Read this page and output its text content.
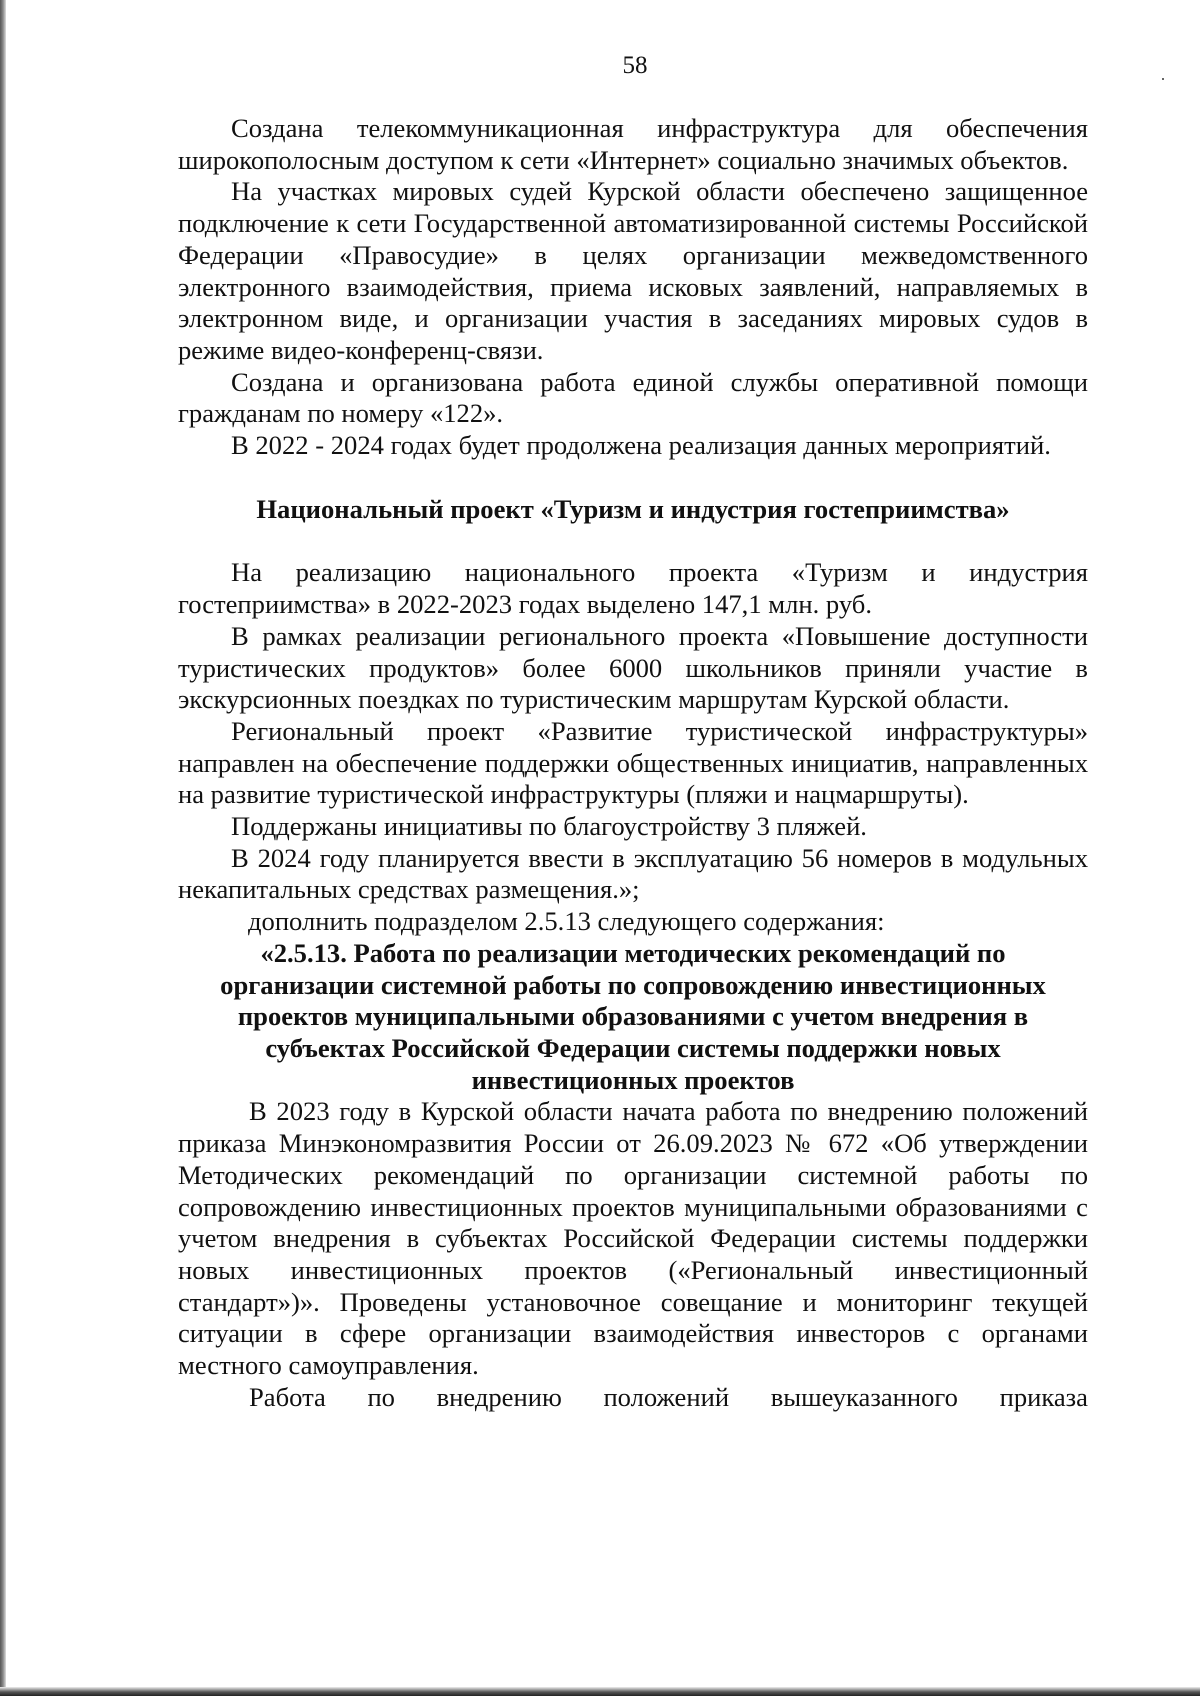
58

Создана телекоммуникационная инфраструктура для обеспечения широкополосным доступом к сети «Интернет» социально значимых объектов.

На участках мировых судей Курской области обеспечено защищенное подключение к сети Государственной автоматизированной системы Российской Федерации «Правосудие» в целях организации межведомственного электронного взаимодействия, приема исковых заявлений, направляемых в электронном виде, и организации участия в заседаниях мировых судов в режиме видео-конференц-связи.

Создана и организована работа единой службы оперативной помощи гражданам по номеру «122».

В 2022 - 2024 годах будет продолжена реализация данных мероприятий.

Национальный проект «Туризм и индустрия гостеприимства»

На реализацию национального проекта «Туризм и индустрия гостеприимства» в 2022-2023 годах выделено 147,1 млн. руб.

В рамках реализации регионального проекта «Повышение доступности туристических продуктов» более 6000 школьников приняли участие в экскурсионных поездках по туристическим маршрутам Курской области.

Региональный проект «Развитие туристической инфраструктуры» направлен на обеспечение поддержки общественных инициатив, направленных на развитие туристической инфраструктуры (пляжи и нацмаршруты).

Поддержаны инициативы по благоустройству 3 пляжей.

В 2024 году планируется ввести в эксплуатацию 56 номеров в модульных некапитальных средствах размещения.»;

дополнить подразделом 2.5.13 следующего содержания:

«2.5.13. Работа по реализации методических рекомендаций по организации системной работы по сопровождению инвестиционных проектов муниципальными образованиями с учетом внедрения в субъектах Российской Федерации системы поддержки новых инвестиционных проектов

В 2023 году в Курской области начата работа по внедрению положений приказа Минэкономразвития России от 26.09.2023 № 672 «Об утверждении Методических рекомендаций по организации системной работы по сопровождению инвестиционных проектов муниципальными образованиями с учетом внедрения в субъектах Российской Федерации системы поддержки новых инвестиционных проектов («Региональный инвестиционный стандарт»)». Проведены установочное совещание и мониторинг текущей ситуации в сфере организации взаимодействия инвесторов с органами местного самоуправления.

Работа по внедрению положений вышеуказанного приказа
